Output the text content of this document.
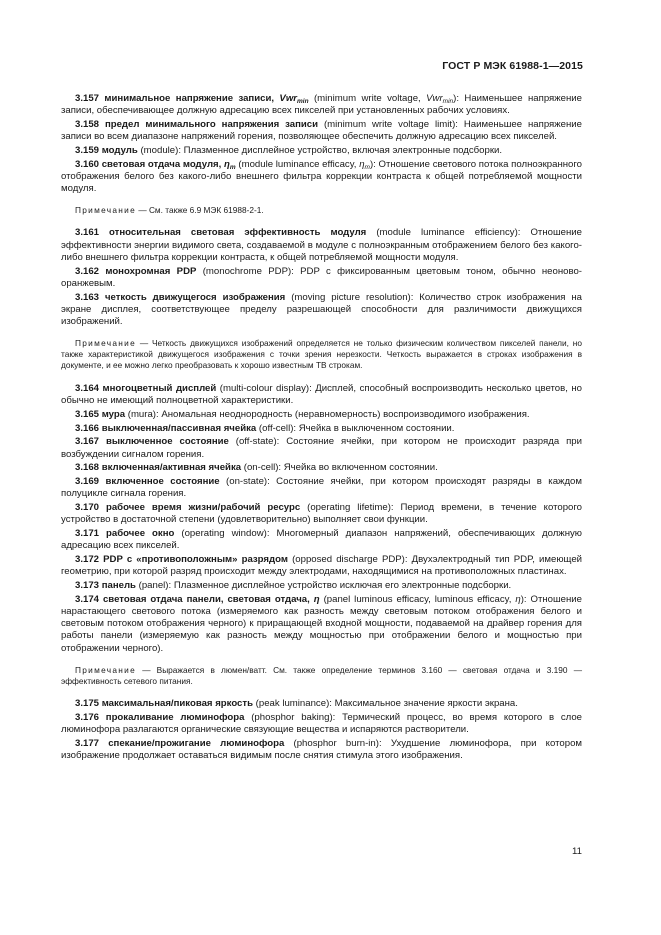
ГОСТ Р МЭК 61988-1—2015

3.157 минимальное напряжение записи, Vwr$_{min}$ (minimum write voltage, Vwr$_{min}$): Наименьшее напряжение записи, обеспечивающее должную адресацию всех пикселей при установленных рабочих условиях.

3.158 предел минимального напряжения записи (minimum write voltage limit): Наименьшее напряжение записи во всем диапазоне напряжений горения, позволяющее обеспечить должную адресацию всех пикселей.

3.159 модуль (module): Плазменное дисплейное устройство, включая электронные подсборки.

3.160 световая отдача модуля, $\eta_m$ (module luminance efficacy, $\eta_m$): Отношение светового потока полноэкранного отображения белого без какого-либо внешнего фильтра коррекции контраста к общей потребляемой мощности модуля.

Примечание — См. также 6.9 МЭК 61988-2-1.

3.161 относительная световая эффективность модуля (module luminance efficiency): Отношение эффективности энергии видимого света, создаваемой в модуле с полноэкранным отображением белого без какого-либо внешнего фильтра коррекции контраста, к общей потребляемой мощности модуля.

3.162 монохромная PDP (monochrome PDP): PDP с фиксированным цветовым тоном, обычно неоново-оранжевым.

3.163 четкость движущегося изображения (moving picture resolution): Количество строк изображения на экране дисплея, соответствующее пределу разрешающей способности для различимости движущихся изображений.

Примечание — Четкость движущихся изображений определяется не только физическим количеством пикселей панели, но также характеристикой движущегося изображения с точки зрения нерезкости. Четкость выражается в строках изображения в документе, и ее можно легко преобразовать к хорошо известным ТВ строкам.

3.164 многоцветный дисплей (multi-colour display): Дисплей, способный воспроизводить несколько цветов, но обычно не имеющий полноцветной характеристики.

3.165 мура (mura): Аномальная неоднородность (неравномерность) воспроизводимого изображения.

3.166 выключенная/пассивная ячейка (off-cell): Ячейка в выключенном состоянии.

3.167 выключенное состояние (off-state): Состояние ячейки, при котором не происходит разряда при возбуждении сигналом горения.

3.168 включенная/активная ячейка (on-cell): Ячейка во включенном состоянии.

3.169 включенное состояние (on-state): Состояние ячейки, при котором происходят разряды в каждом полуцикле сигнала горения.

3.170 рабочее время жизни/рабочий ресурс (operating lifetime): Период времени, в течение которого устройство в достаточной степени (удовлетворительно) выполняет свои функции.

3.171 рабочее окно (operating window): Многомерный диапазон напряжений, обеспечивающих должную адресацию всех пикселей.

3.172 PDP с «противоположным» разрядом (opposed discharge PDP): Двухэлектродный тип PDP, имеющей геометрию, при которой разряд происходит между электродами, находящимися на противоположных пластинах.

3.173 панель (panel): Плазменное дисплейное устройство исключая его электронные подсборки.

3.174 световая отдача панели, световая отдача, η (panel luminous efficacy, luminous efficacy, η): Отношение нарастающего светового потока (измеряемого как разность между световым потоком отображения белого и световым потоком отображения черного) к приращающей входной мощности, подаваемой на драйвер горения для работы панели (измеряемую как разность между мощностью при отображении белого и мощностью при отображении черного).

Примечание — Выражается в люмен/ватт. См. также определение терминов 3.160 — световая отдача и 3.190 — эффективность сетевого питания.

3.175 максимальная/пиковая яркость (peak luminance): Максимальное значение яркости экрана.

3.176 прокаливание люминофора (phosphor baking): Термический процесс, во время которого в слое люминофора разлагаются органические связующие вещества и испаряются растворители.

3.177 спекание/прожигание люминофора (phosphor burn-in): Ухудшение люминофора, при котором изображение продолжает оставаться видимым после снятия стимула этого изображения.

11
